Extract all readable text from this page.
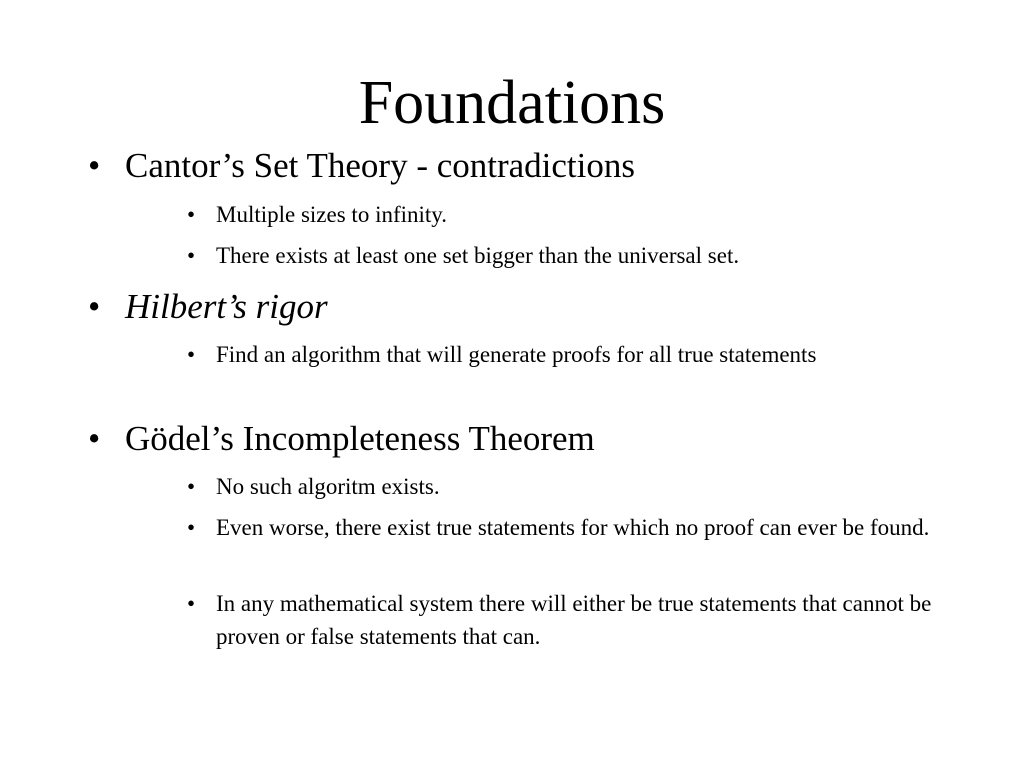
Foundations
• Cantor’s Set Theory - contradictions
• Multiple sizes to infinity.
• There exists at least one set bigger than the universal set.
• Hilbert’s rigor
• Find an algorithm that will generate proofs for all true statements
• Gödel’s Incompleteness Theorem
• No such algoritm exists.
• Even worse, there exist true statements for which no proof can ever be found.
• In any mathematical system there will either be true statements that cannot be proven or false statements that can.
